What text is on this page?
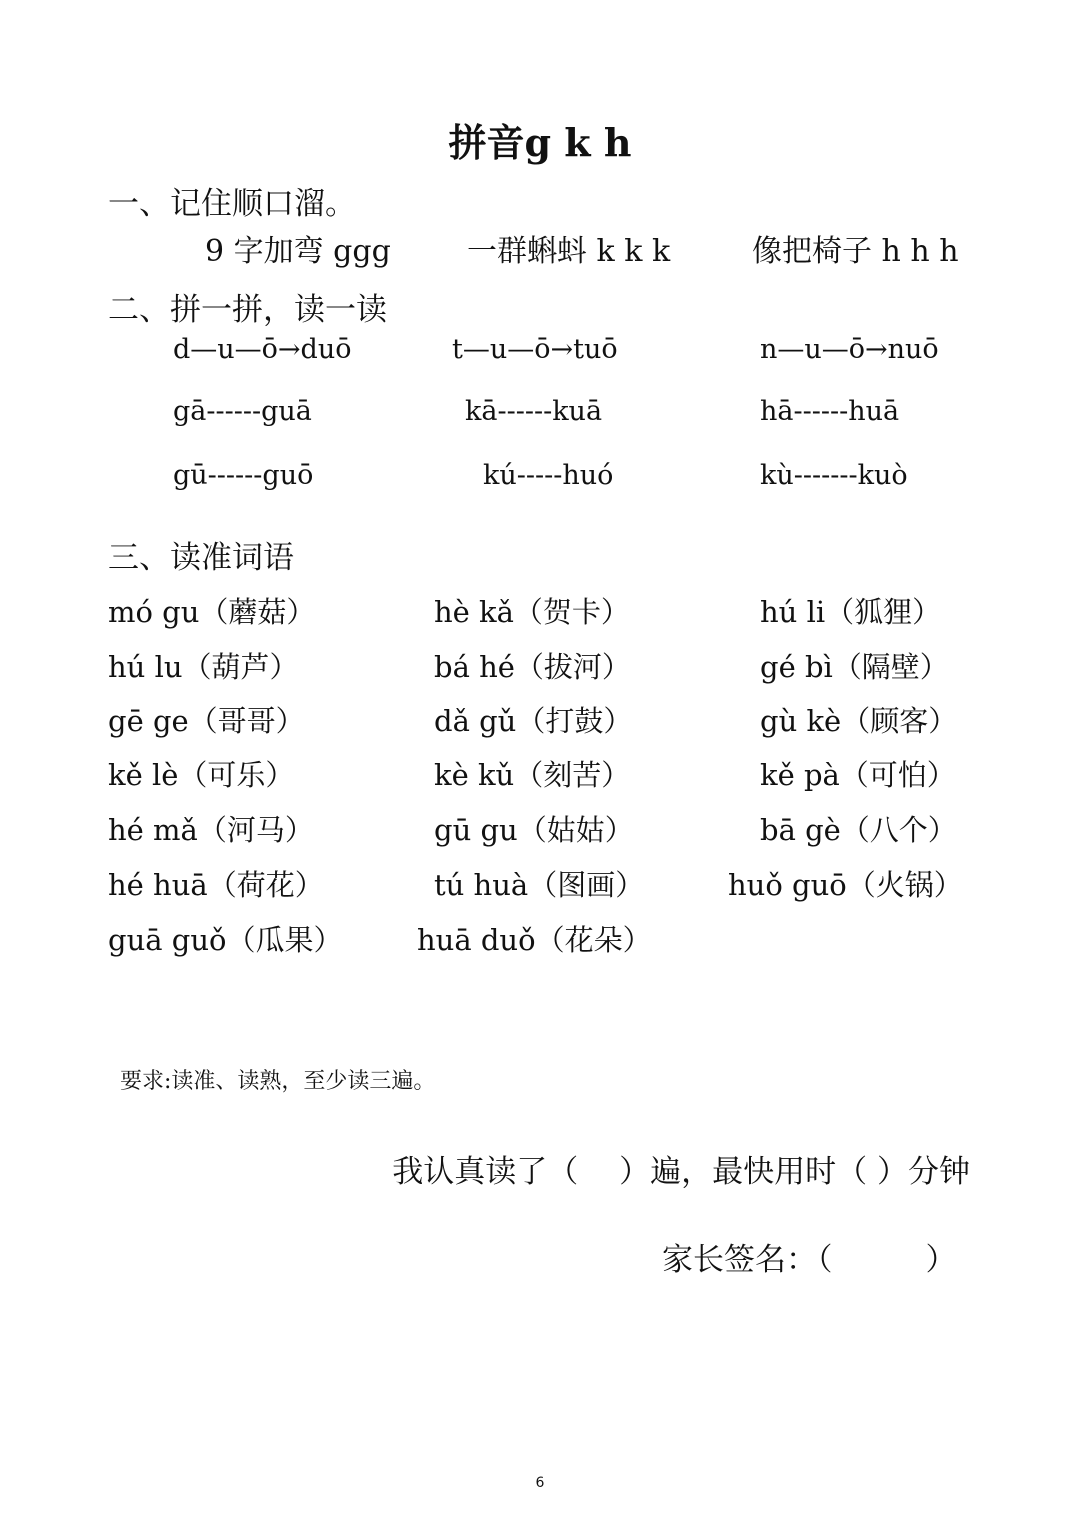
拼音g k h
一、记住顺口溜。
9 字加弯 ggg	一群蝌蚪 k k k	像把椅子 h h h
二、拼一拼，读一读
d—u—ō→duō	t—u—ō→tuō	n—u—ō→nuō
gā------guā	kā------kuā	hā------huā
gū------guō	kú-----huó	kù-------kuò
三、读准词语
mó gu（蘑菇）	hè kǎ（贺卡）	hú li（狐狸）
hú lu（葫芦）	bá hé（拔河）	gé bì（隔壁）
gē ge（哥哥）	dǎ gǔ（打鼓）	gù kè（顾客）
kě lè（可乐）	kè kǔ（刻苦）	kě pà（可怕）
hé mǎ（河马）	gū gu（姑姑）	bā gè（八个）
hé huā（荷花）	tú huà（图画）	huǒ guō（火锅）
guā guǒ（瓜果）	huā duǒ（花朵）
要求:读准、读熟，至少读三遍。
我认真读了（　 ）遍，最快用时（ ）分钟
家长签名：（　　　）
6
